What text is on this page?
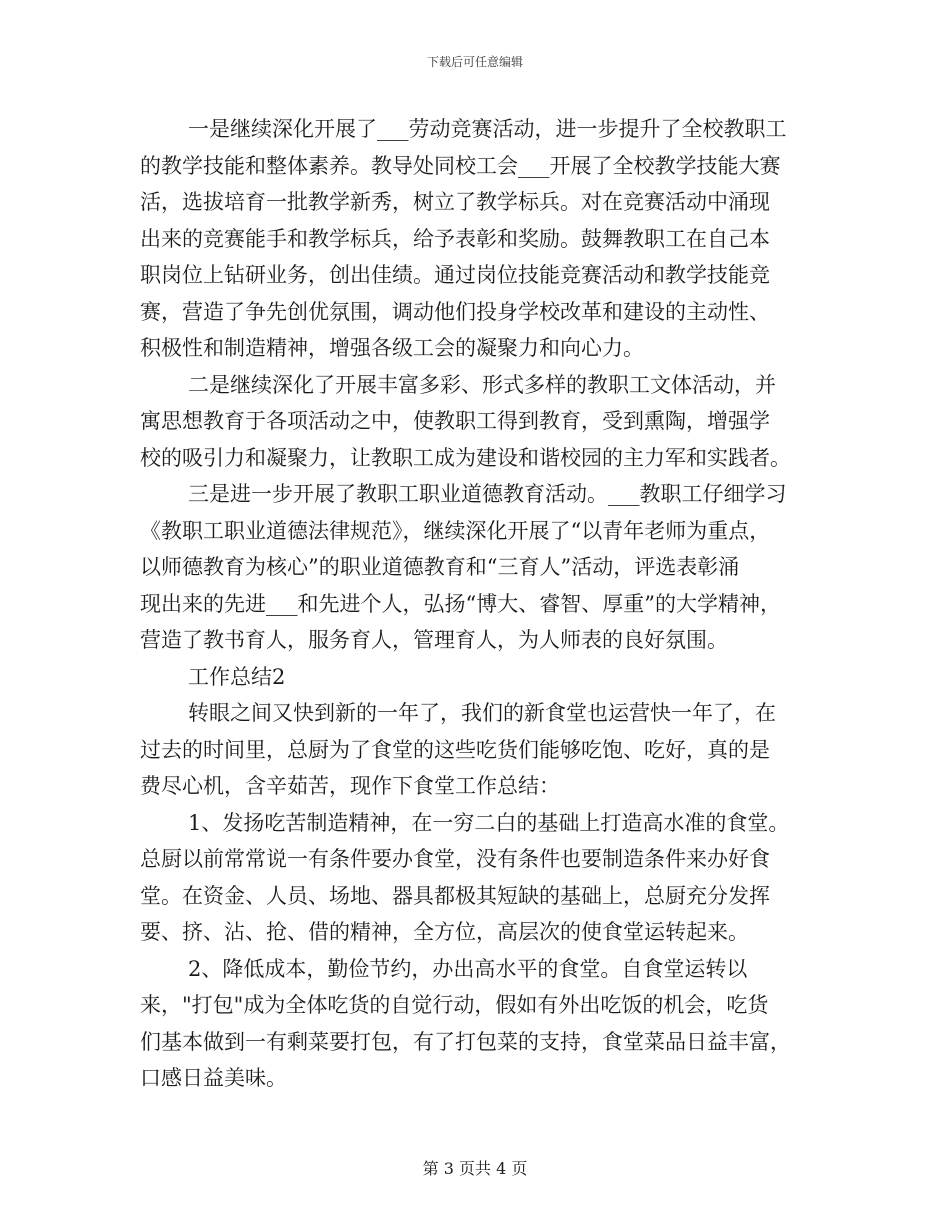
下载后可任意编辑
一是继续深化开展了___劳动竞赛活动，进一步提升了全校教职工
的教学技能和整体素养。教导处同校工会___开展了全校教学技能大赛
活，选拔培育一批教学新秀，树立了教学标兵。对在竞赛活动中涌现
出来的竞赛能手和教学标兵，给予表彰和奖励。鼓舞教职工在自己本
职岗位上钻研业务，创出佳绩。通过岗位技能竞赛活动和教学技能竞
赛，营造了争先创优氛围，调动他们投身学校改革和建设的主动性、
积极性和制造精神，增强各级工会的凝聚力和向心力。
二是继续深化了开展丰富多彩、形式多样的教职工文体活动，并
寓思想教育于各项活动之中，使教职工得到教育，受到熏陶，增强学
校的吸引力和凝聚力，让教职工成为建设和谐校园的主力军和实践者。
三是进一步开展了教职工职业道德教育活动。___教职工仔细学习
《教职工职业道德法律规范》，继续深化开展了“以青年老师为重点，
以师德教育为核心”的职业道德教育和“三育人”活动，评选表彰涌
现出来的先进___和先进个人，弘扬“博大、睿智、厚重”的大学精神，
营造了教书育人，服务育人，管理育人，为人师表的良好氛围。
工作总结2
转眼之间又快到新的一年了，我们的新食堂也运营快一年了，在
过去的时间里，总厨为了食堂的这些吃货们能够吃饱、吃好，真的是
费尽心机，含辛茹苦，现作下食堂工作总结：
1、发扬吃苦制造精神，在一穷二白的基础上打造高水准的食堂。
总厨以前常常说一有条件要办食堂，没有条件也要制造条件来办好食
堂。在资金、人员、场地、器具都极其短缺的基础上，总厨充分发挥
要、挤、沾、抢、借的精神，全方位，高层次的使食堂运转起来。
2、降低成本，勤俭节约，办出高水平的食堂。自食堂运转以
来，"打包"成为全体吃货的自觉行动，假如有外出吃饭的机会，吃货
们基本做到一有剩菜要打包，有了打包菜的支持，食堂菜品日益丰富，
口感日益美味。
第 3 页共 4 页
